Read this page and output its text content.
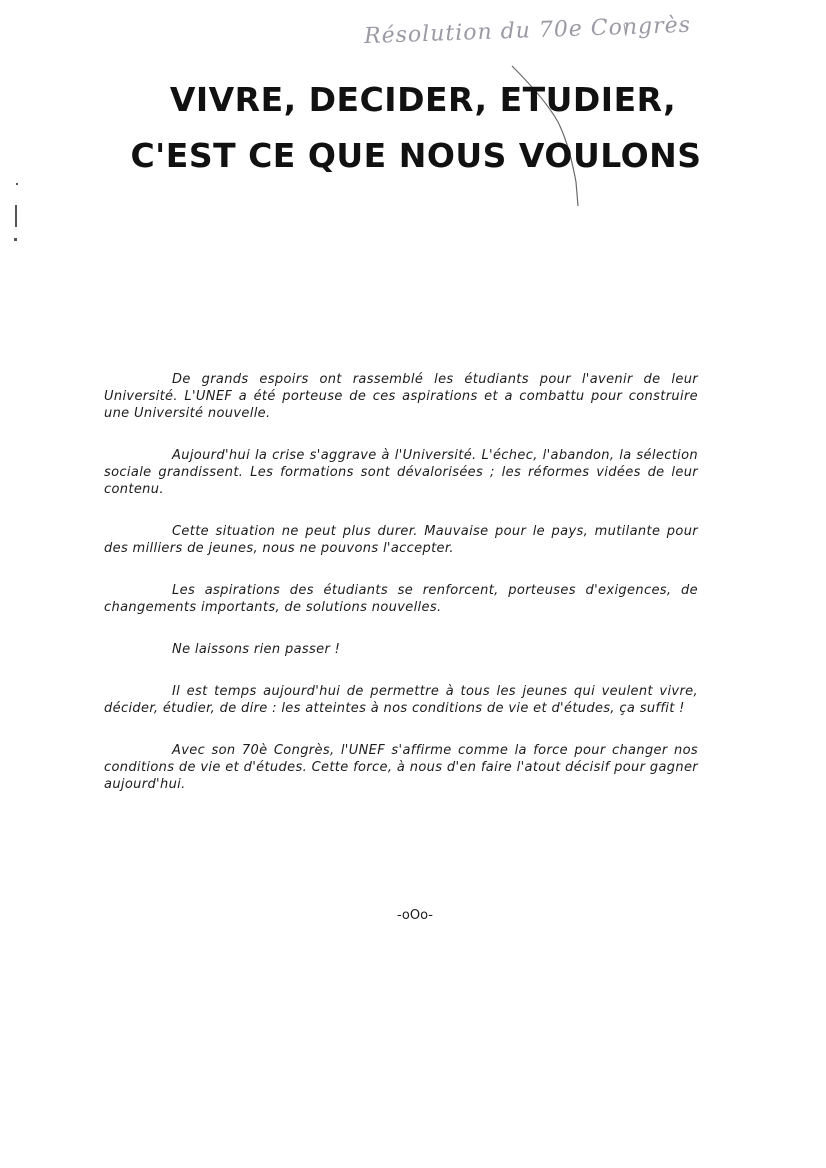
Résolution du 70e Congrès
VIVRE, DECIDER, ETUDIER,
C'EST CE QUE NOUS VOULONS

De grands espoirs ont rassemblé les étudiants pour l'avenir de leur Université. L'UNEF a été porteuse de ces aspirations et a combattu pour construire une Université nouvelle.

Aujourd'hui la crise s'aggrave à l'Université. L'échec, l'abandon, la sélection sociale grandissent. Les formations sont dévalorisées ; les réformes vidées de leur contenu.

Cette situation ne peut plus durer. Mauvaise pour le pays, mutilante pour des milliers de jeunes, nous ne pouvons l'accepter.

Les aspirations des étudiants se renforcent, porteuses d'exigences, de changements importants, de solutions nouvelles.

Ne laissons rien passer !

Il est temps aujourd'hui de permettre à tous les jeunes qui veulent vivre, décider, étudier, de dire : les atteintes à nos conditions de vie et d'études, ça suffit !

Avec son 70è Congrès, l'UNEF s'affirme comme la force pour changer nos conditions de vie et d'études. Cette force, à nous d'en faire l'atout décisif pour gagner aujourd'hui.

-oOo-
